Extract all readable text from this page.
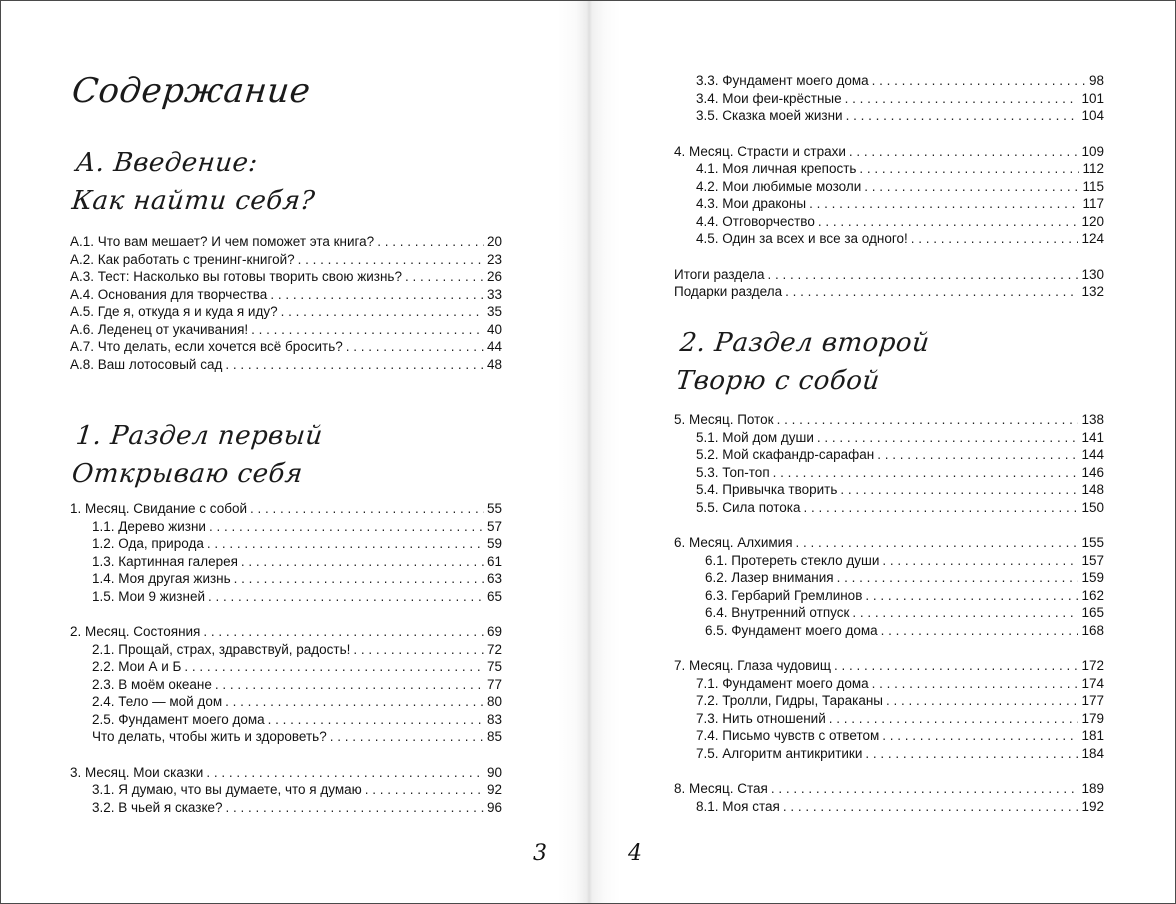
Содержание
А. Введение:
Как найти себя?
А.1. Что вам мешает? И чем поможет эта книга? . . .	20
А.2. Как работать с тренинг-книгой? . . .	23
А.3. Тест: Насколько вы готовы творить свою жизнь? . . .	26
А.4. Основания для творчества . . .	33
А.5. Где я, откуда я и куда я иду? . . .	35
А.6. Леденец от укачивания! . . .	40
А.7. Что делать, если хочется всё бросить? . . .	44
А.8. Ваш лотосовый сад . . .	48
1. Раздел первый
Открываю себя
1. Месяц. Свидание с собой . . .	55
1.1. Дерево жизни . . .	57
1.2. Ода, природа . . .	59
1.3. Картинная галерея . . .	61
1.4. Моя другая жизнь . . .	63
1.5. Мои 9 жизней . . .	65
2. Месяц. Состояния . . .	69
2.1. Прощай, страх, здравствуй, радость! . . .	72
2.2. Мои А и Б . . .	75
2.3. В моём океане . . .	77
2.4. Тело — мой дом . . .	80
2.5. Фундамент моего дома . . .	83
Что делать, чтобы жить и здороветь? . . .	85
3. Месяц. Мои сказки . . .	90
3.1. Я думаю, что вы думаете, что я думаю . . .	92
3.2. В чьей я сказке? . . .	96
3
3.3. Фундамент моего дома . . .	98
3.4. Мои феи-крёстные . . .	101
3.5. Сказка моей жизни . . .	104
4. Месяц. Страсти и страхи . . .	109
4.1. Моя личная крепость . . .	112
4.2. Мои любимые мозоли . . .	115
4.3. Мои драконы . . .	117
4.4. Отговорчество . . .	120
4.5. Один за всех и все за одного! . . .	124
Итоги раздела . . .	130
Подарки раздела . . .	132
2. Раздел второй
Творю с собой
5. Месяц. Поток . . .	138
5.1. Мой дом души . . .	141
5.2. Мой скафандр-сарафан . . .	144
5.3. Топ-топ . . .	146
5.4. Привычка творить . . .	148
5.5. Сила потока . . .	150
6. Месяц. Алхимия . . .	155
6.1. Протереть стекло души . . .	157
6.2. Лазер внимания . . .	159
6.3. Гербарий Гремлинов . . .	162
6.4. Внутренний отпуск . . .	165
6.5. Фундамент моего дома . . .	168
7. Месяц. Глаза чудовищ . . .	172
7.1. Фундамент моего дома . . .	174
7.2. Тролли, Гидры, Тараканы . . .	177
7.3. Нить отношений . . .	179
7.4. Письмо чувств с ответом . . .	181
7.5. Алгоритм антикритики . . .	184
8. Месяц. Стая . . .	189
8.1. Моя стая . . .	192
4
